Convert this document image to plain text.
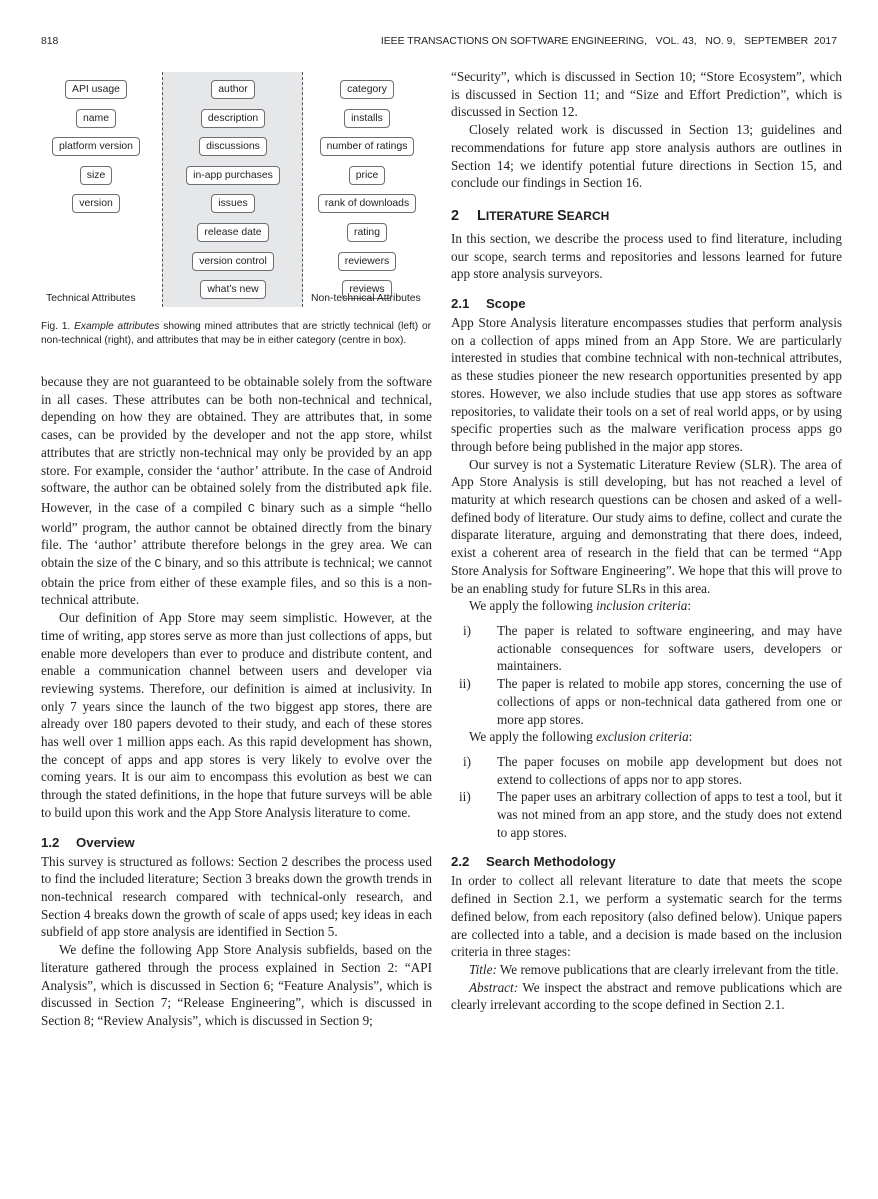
818	IEEE TRANSACTIONS ON SOFTWARE ENGINEERING,   VOL. 43,   NO. 9,   SEPTEMBER  2017
API usage
name
platform version
size
version
author
description
discussions
in-app purchases
issues
release date
version control
what’s new
category
installs
number of ratings
price
rank of downloads
rating
reviewers
reviews
Technical Attributes	Non-technical Attributes
Fig. 1. Example attributes showing mined attributes that are strictly technical (left) or non-technical (right), and attributes that may be in either category (centre in box).

because they are not guaranteed to be obtainable solely from the software in all cases. These attributes can be both non-technical and technical, depending on how they are obtained. They are attributes that, in some cases, can be provided by the developer and not the app store, whilst attributes that are strictly non-technical may only be provided by an app store. For example, consider the ‘author’ attribute. In the case of Android software, the author can be obtained solely from the distributed apk file. However, in the case of a compiled C binary such as a simple “hello world” program, the author cannot be obtained directly from the binary file. The ‘author’ attribute therefore belongs in the grey area. We can obtain the size of the C binary, and so this attribute is technical; we cannot obtain the price from either of these example files, and so this is a non-technical attribute.

Our definition of App Store may seem simplistic. However, at the time of writing, app stores serve as more than just collections of apps, but enable more developers than ever to produce and distribute content, and enable a communication channel between users and developer via reviewing systems. Therefore, our definition is aimed at inclusivity. In only 7 years since the launch of the two biggest app stores, there are already over 180 papers devoted to their study, and each of these stores has well over 1 million apps each. As this rapid development has shown, the concept of apps and app stores is very likely to evolve over the coming years. It is our aim to encompass this evolution as best we can through the stated definitions, in the hope that future surveys will be able to build upon this work and the App Store Analysis literature to come.

1.2 Overview

This survey is structured as follows: Section 2 describes the process used to find the included literature; Section 3 breaks down the growth trends in non-technical research compared with technical-only research, and Section 4 breaks down the growth of scale of apps used; key ideas in each subfield of app store analysis are identified in Section 5.

We define the following App Store Analysis subfields, based on the literature gathered through the process explained in Section 2: “API Analysis”, which is discussed in Section 6; “Feature Analysis”, which is discussed in Section 7; “Release Engineering”, which is discussed in Section 8; “Review Analysis”, which is discussed in Section 9;

“Security”, which is discussed in Section 10; “Store Ecosystem”, which is discussed in Section 11; and “Size and Effort Prediction”, which is discussed in Section 12.

Closely related work is discussed in Section 13; guidelines and recommendations for future app store analysis authors are outlines in Section 14; we identify potential future directions in Section 15, and conclude our findings in Section 16.

2 LITERATURE SEARCH

In this section, we describe the process used to find literature, including our scope, search terms and repositories and lessons learned for future app store analysis surveyors.

2.1 Scope

App Store Analysis literature encompasses studies that perform analysis on a collection of apps mined from an App Store. We are particularly interested in studies that combine technical with non-technical attributes, as these studies pioneer the new research opportunities presented by app stores. However, we also include studies that use app stores as software repositories, to validate their tools on a set of real world apps, or by using specific properties such as the malware verification process apps go through before being published in the major app stores.

Our survey is not a Systematic Literature Review (SLR). The area of App Store Analysis is still developing, but has not reached a level of maturity at which research questions can be chosen and asked of a well-defined body of literature. Our study aims to define, collect and curate the disparate literature, arguing and demonstrating that there does, indeed, exist a coherent area of research in the field that can be termed “App Store Analysis for Software Engineering”. We hope that this will prove to be an enabling study for future SLRs in this area.

We apply the following inclusion criteria:

i)	The paper is related to software engineering, and may have actionable consequences for software users, developers or maintainers.
ii)	The paper is related to mobile app stores, concerning the use of collections of apps or non-technical data gathered from one or more app stores.

We apply the following exclusion criteria:

i)	The paper focuses on mobile app development but does not extend to collections of apps nor to app stores.
ii)	The paper uses an arbitrary collection of apps to test a tool, but it was not mined from an app store, and the study does not extend to app stores.
2.2 Search Methodology

In order to collect all relevant literature to date that meets the scope defined in Section 2.1, we perform a systematic search for the terms defined below, from each repository (also defined below). Unique papers are collected into a table, and a decision is made based on the inclusion criteria in three stages:

Title: We remove publications that are clearly irrelevant from the title.

Abstract: We inspect the abstract and remove publications which are clearly irrelevant according to the scope defined in Section 2.1.
